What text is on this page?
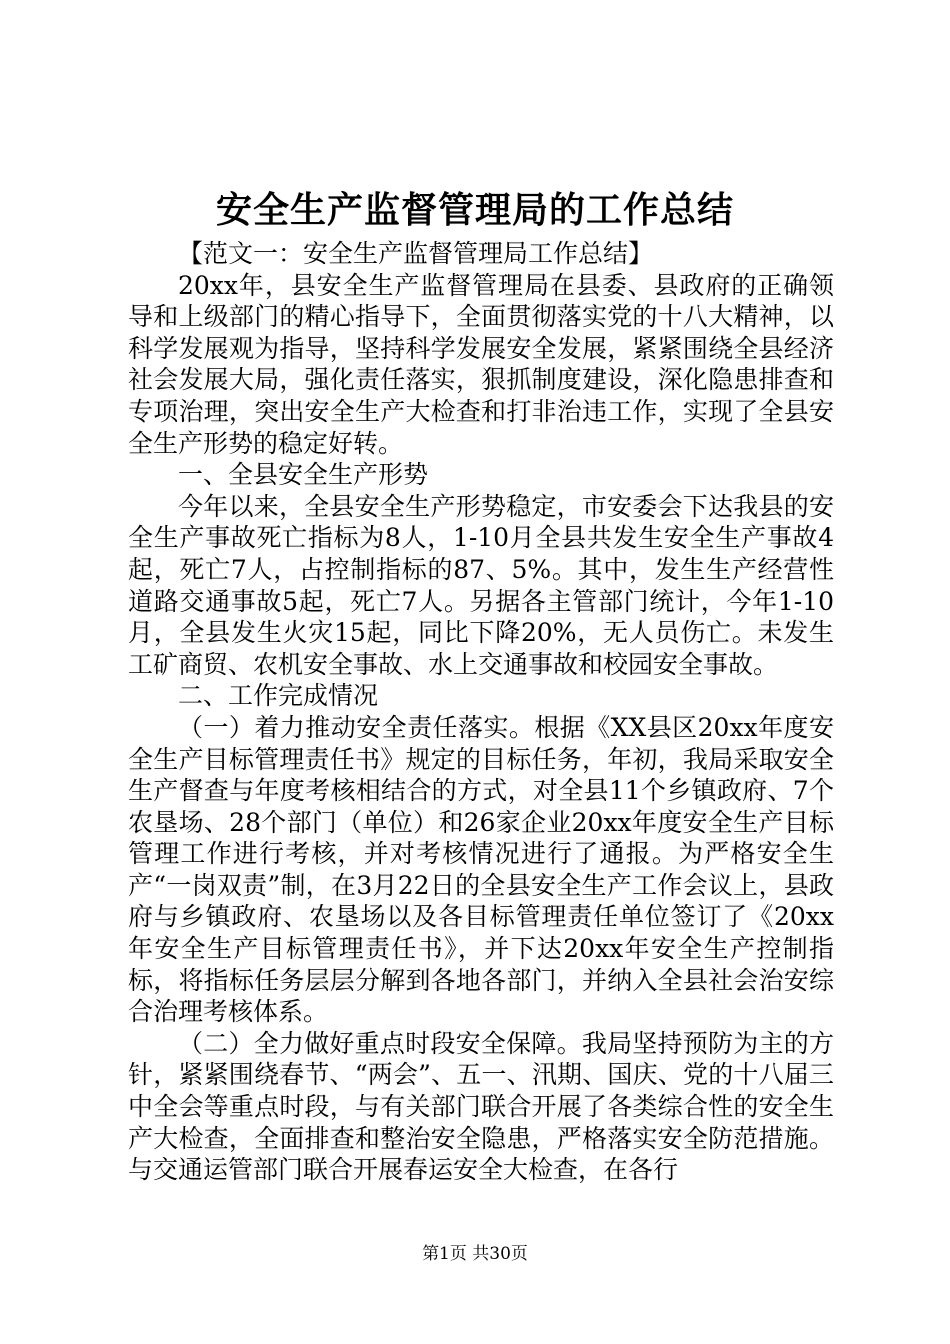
安全生产监督管理局的工作总结

【范文一：安全生产监督管理局工作总结】

20xx年，县安全生产监督管理局在县委、县政府的正确领导和上级部门的精心指导下，全面贯彻落实党的十八大精神，以科学发展观为指导，坚持科学发展安全发展，紧紧围绕全县经济社会发展大局，强化责任落实，狠抓制度建设，深化隐患排查和专项治理，突出安全生产大检查和打非治违工作，实现了全县安全生产形势的稳定好转。

一、全县安全生产形势

今年以来，全县安全生产形势稳定，市安委会下达我县的安全生产事故死亡指标为8人，1-10月全县共发生安全生产事故4起，死亡7人，占控制指标的87、5%。其中，发生生产经营性道路交通事故5起，死亡7人。另据各主管部门统计，今年1-10月，全县发生火灾15起，同比下降20%，无人员伤亡。未发生工矿商贸、农机安全事故、水上交通事故和校园安全事故。

二、工作完成情况

（一）着力推动安全责任落实。根据《XX县区20xx年度安全生产目标管理责任书》规定的目标任务，年初，我局采取安全生产督查与年度考核相结合的方式，对全县11个乡镇政府、7个农垦场、28个部门（单位）和26家企业20xx年度安全生产目标管理工作进行考核，并对考核情况进行了通报。为严格安全生产“一岗双责”制，在3月22日的全县安全生产工作会议上，县政府与乡镇政府、农垦场以及各目标管理责任单位签订了《20xx年安全生产目标管理责任书》，并下达20xx年安全生产控制指标，将指标任务层层分解到各地各部门，并纳入全县社会治安综合治理考核体系。

（二）全力做好重点时段安全保障。我局坚持预防为主的方针，紧紧围绕春节、“两会”、五一、汛期、国庆、党的十八届三中全会等重点时段，与有关部门联合开展了各类综合性的安全生产大检查，全面排查和整治安全隐患，严格落实安全防范措施。与交通运管部门联合开展春运安全大检查，在各行

第1页 共30页
